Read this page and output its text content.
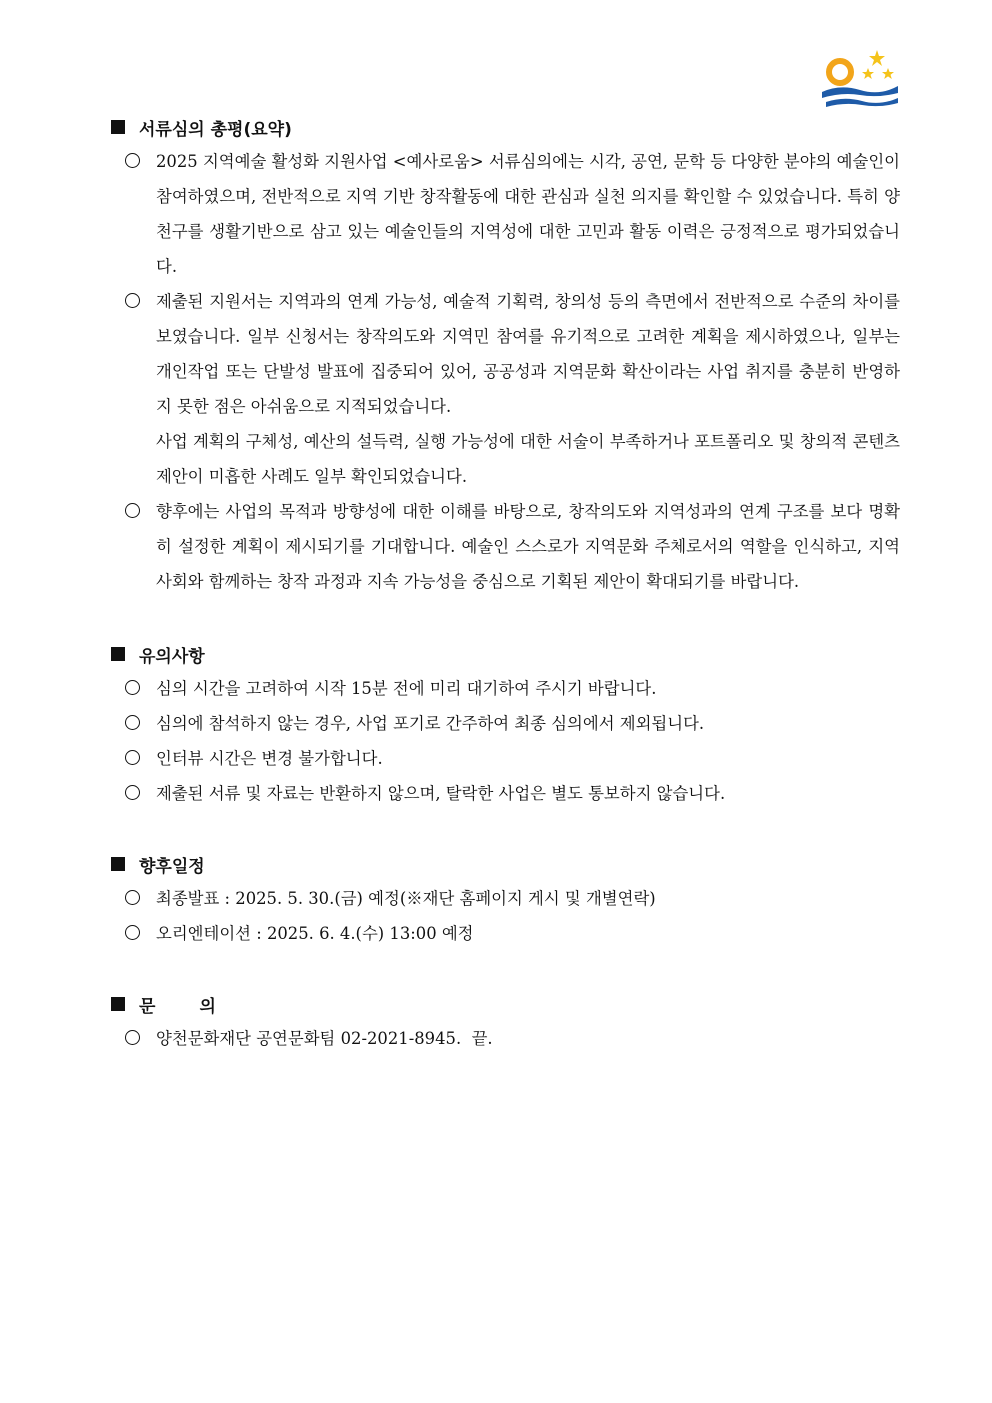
서류심의 총평(요약)

2025 지역예술 활성화 지원사업 <예사로움> 서류심의에는 시각, 공연, 문학 등 다양한 분야의 예술인이 참여하였으며, 전반적으로 지역 기반 창작활동에 대한 관심과 실천 의지를 확인할 수 있었습니다. 특히 양천구를 생활기반으로 삼고 있는 예술인들의 지역성에 대한 고민과 활동 이력은 긍정적으로 평가되었습니다.

제출된 지원서는 지역과의 연계 가능성, 예술적 기획력, 창의성 등의 측면에서 전반적으로 수준의 차이를 보였습니다. 일부 신청서는 창작의도와 지역민 참여를 유기적으로 고려한 계획을 제시하였으나, 일부는 개인작업 또는 단발성 발표에 집중되어 있어, 공공성과 지역문화 확산이라는 사업 취지를 충분히 반영하지 못한 점은 아쉬움으로 지적되었습니다.

사업 계획의 구체성, 예산의 설득력, 실행 가능성에 대한 서술이 부족하거나 포트폴리오 및 창의적 콘텐츠 제안이 미흡한 사례도 일부 확인되었습니다.

향후에는 사업의 목적과 방향성에 대한 이해를 바탕으로, 창작의도와 지역성과의 연계 구조를 보다 명확히 설정한 계획이 제시되기를 기대합니다. 예술인 스스로가 지역문화 주체로서의 역할을 인식하고, 지역사회와 함께하는 창작 과정과 지속 가능성을 중심으로 기획된 제안이 확대되기를 바랍니다.

유의사항

심의 시간을 고려하여 시작 15분 전에 미리 대기하여 주시기 바랍니다.

심의에 참석하지 않는 경우, 사업 포기로 간주하여 최종 심의에서 제외됩니다.

인터뷰 시간은 변경 불가합니다.

제출된 서류 및 자료는 반환하지 않으며, 탈락한 사업은 별도 통보하지 않습니다.

향후일정

최종발표 : 2025. 5. 30.(금) 예정(※재단 홈페이지 게시 및 개별연락)

오리엔테이션 : 2025. 6. 4.(수) 13:00 예정

문	의

양천문화재단 공연문화팀 02-2021-8945.  끝.
